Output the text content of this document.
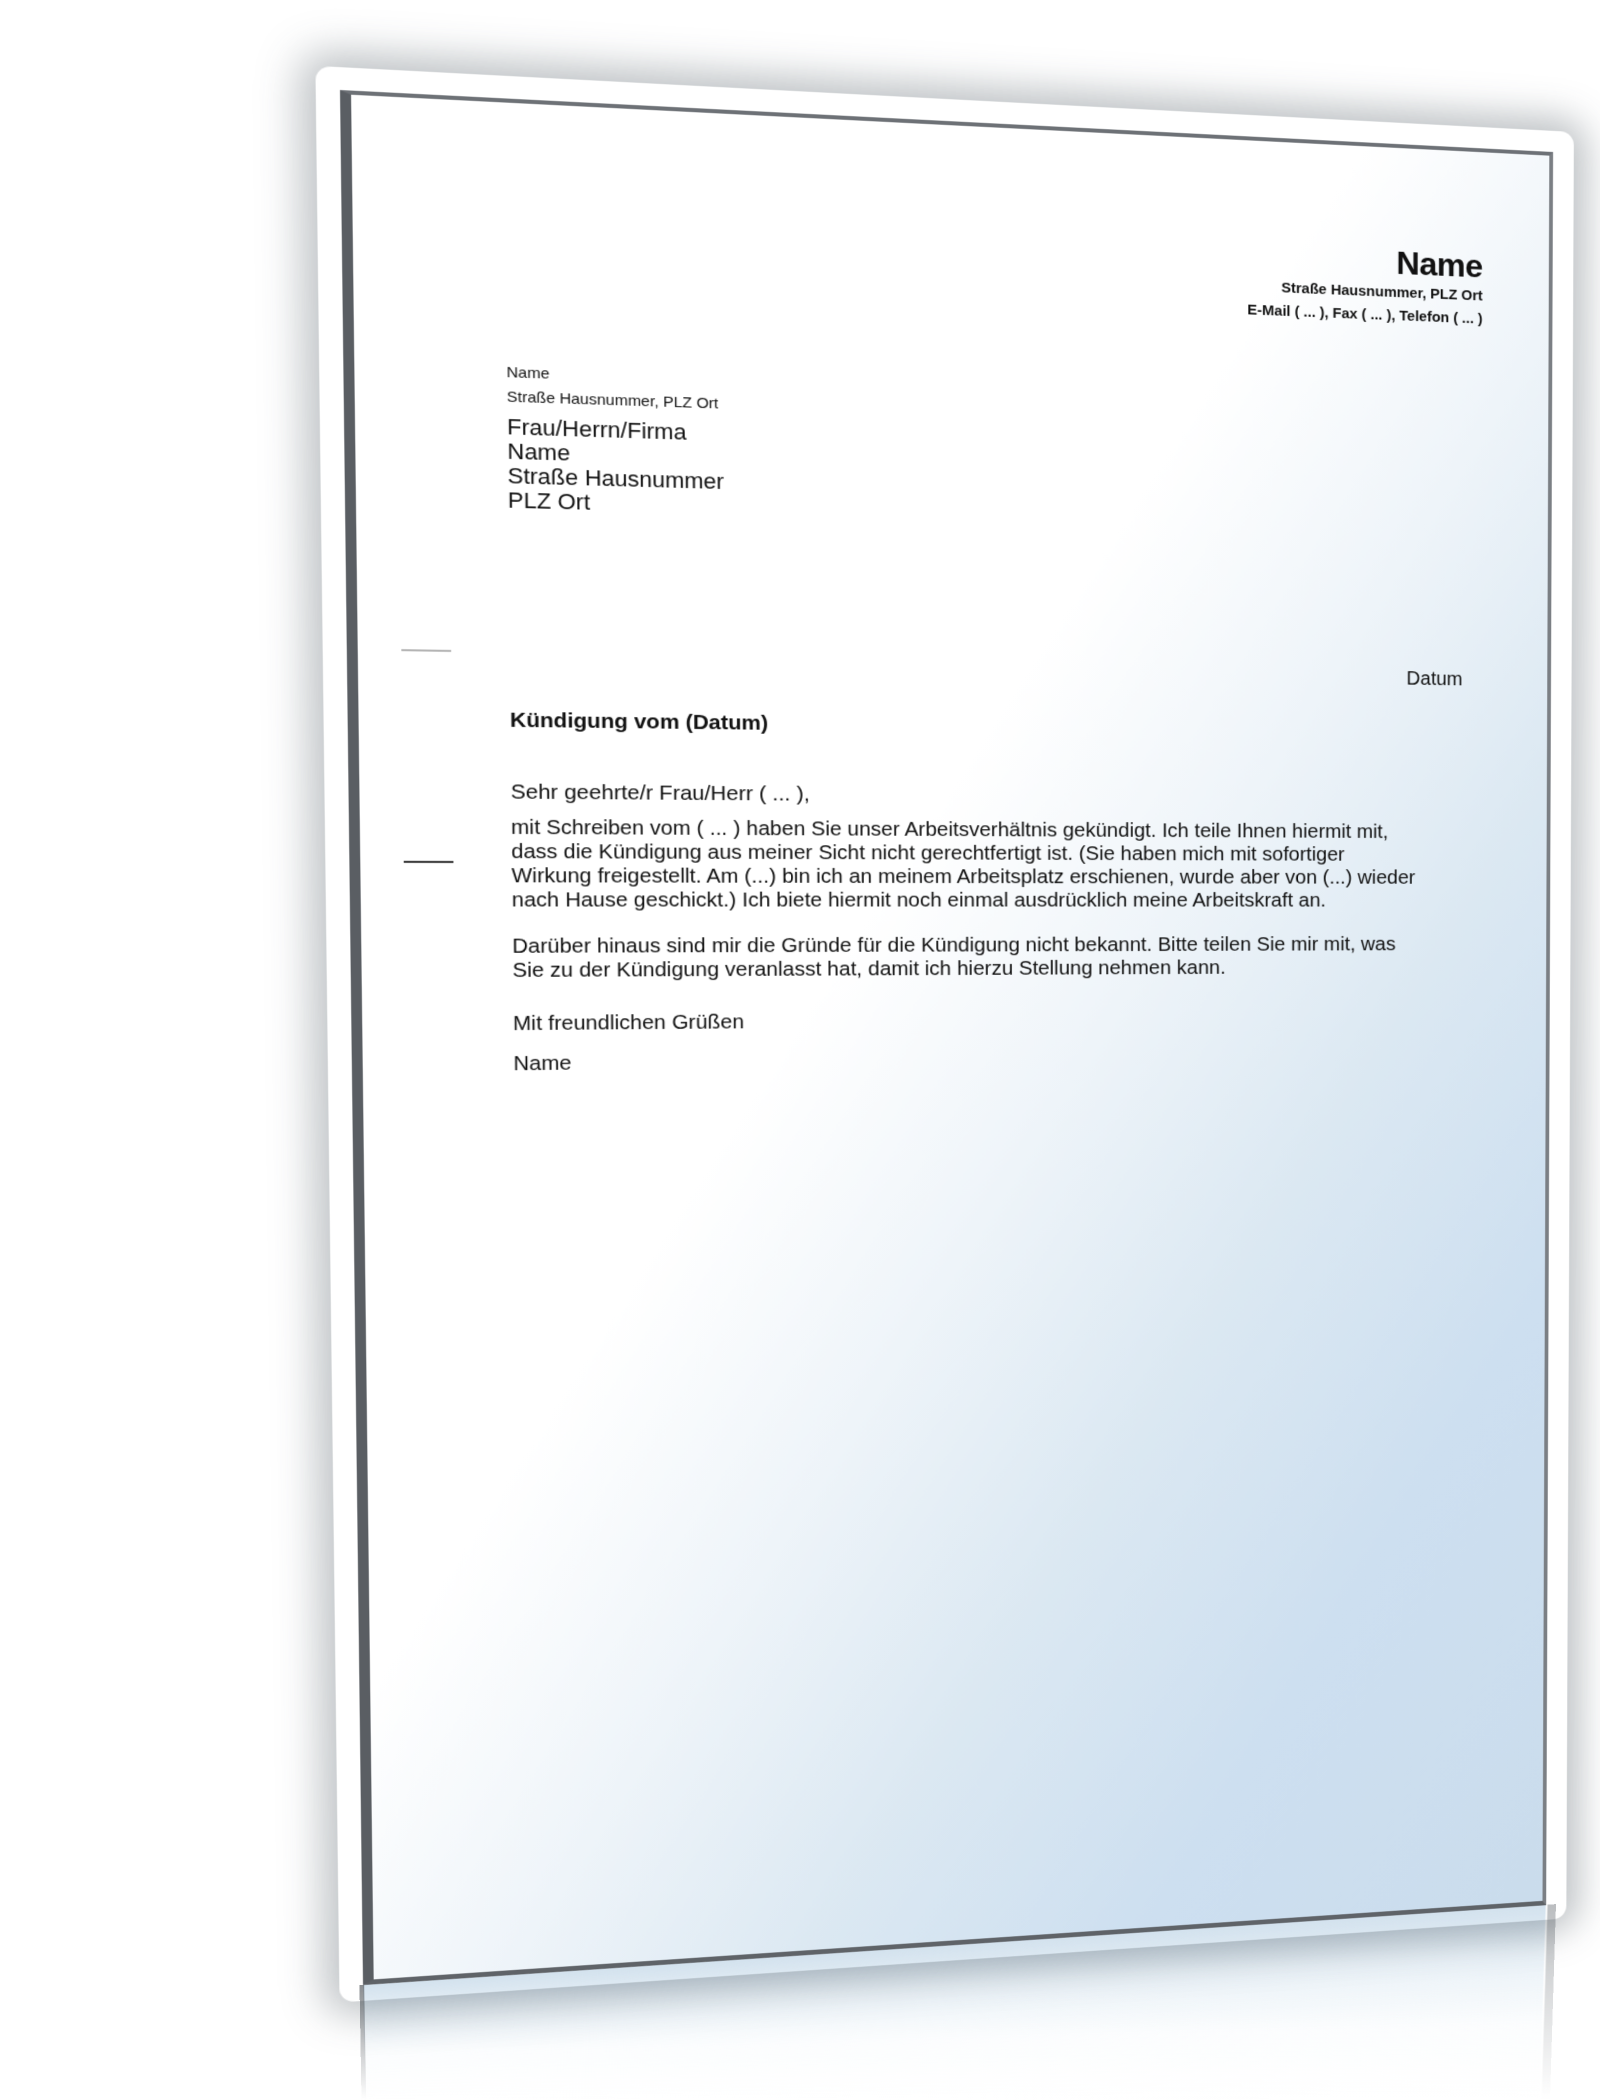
Name
Straße Hausnummer, PLZ Ort
E-Mail ( ... ), Fax ( ... ), Telefon ( ... )
Name
Straße Hausnummer, PLZ Ort
Frau/Herrn/Firma
Name
Straße Hausnummer
PLZ Ort
Datum
Kündigung vom (Datum)
Sehr geehrte/r Frau/Herr ( ... ),

mit Schreiben vom ( ... ) haben Sie unser Arbeitsverhältnis gekündigt. Ich teile Ihnen hiermit mit, dass die Kündigung aus meiner Sicht nicht gerechtfertigt ist. (Sie haben mich mit sofortiger Wirkung freigestellt. Am (...) bin ich an meinem Arbeitsplatz erschienen, wurde aber von (...) wieder nach Hause geschickt.) Ich biete hiermit noch einmal ausdrücklich meine Arbeitskraft an.

Darüber hinaus sind mir die Gründe für die Kündigung nicht bekannt. Bitte teilen Sie mir mit, was Sie zu der Kündigung veranlasst hat, damit ich hierzu Stellung nehmen kann.

Mit freundlichen Grüßen
Name
